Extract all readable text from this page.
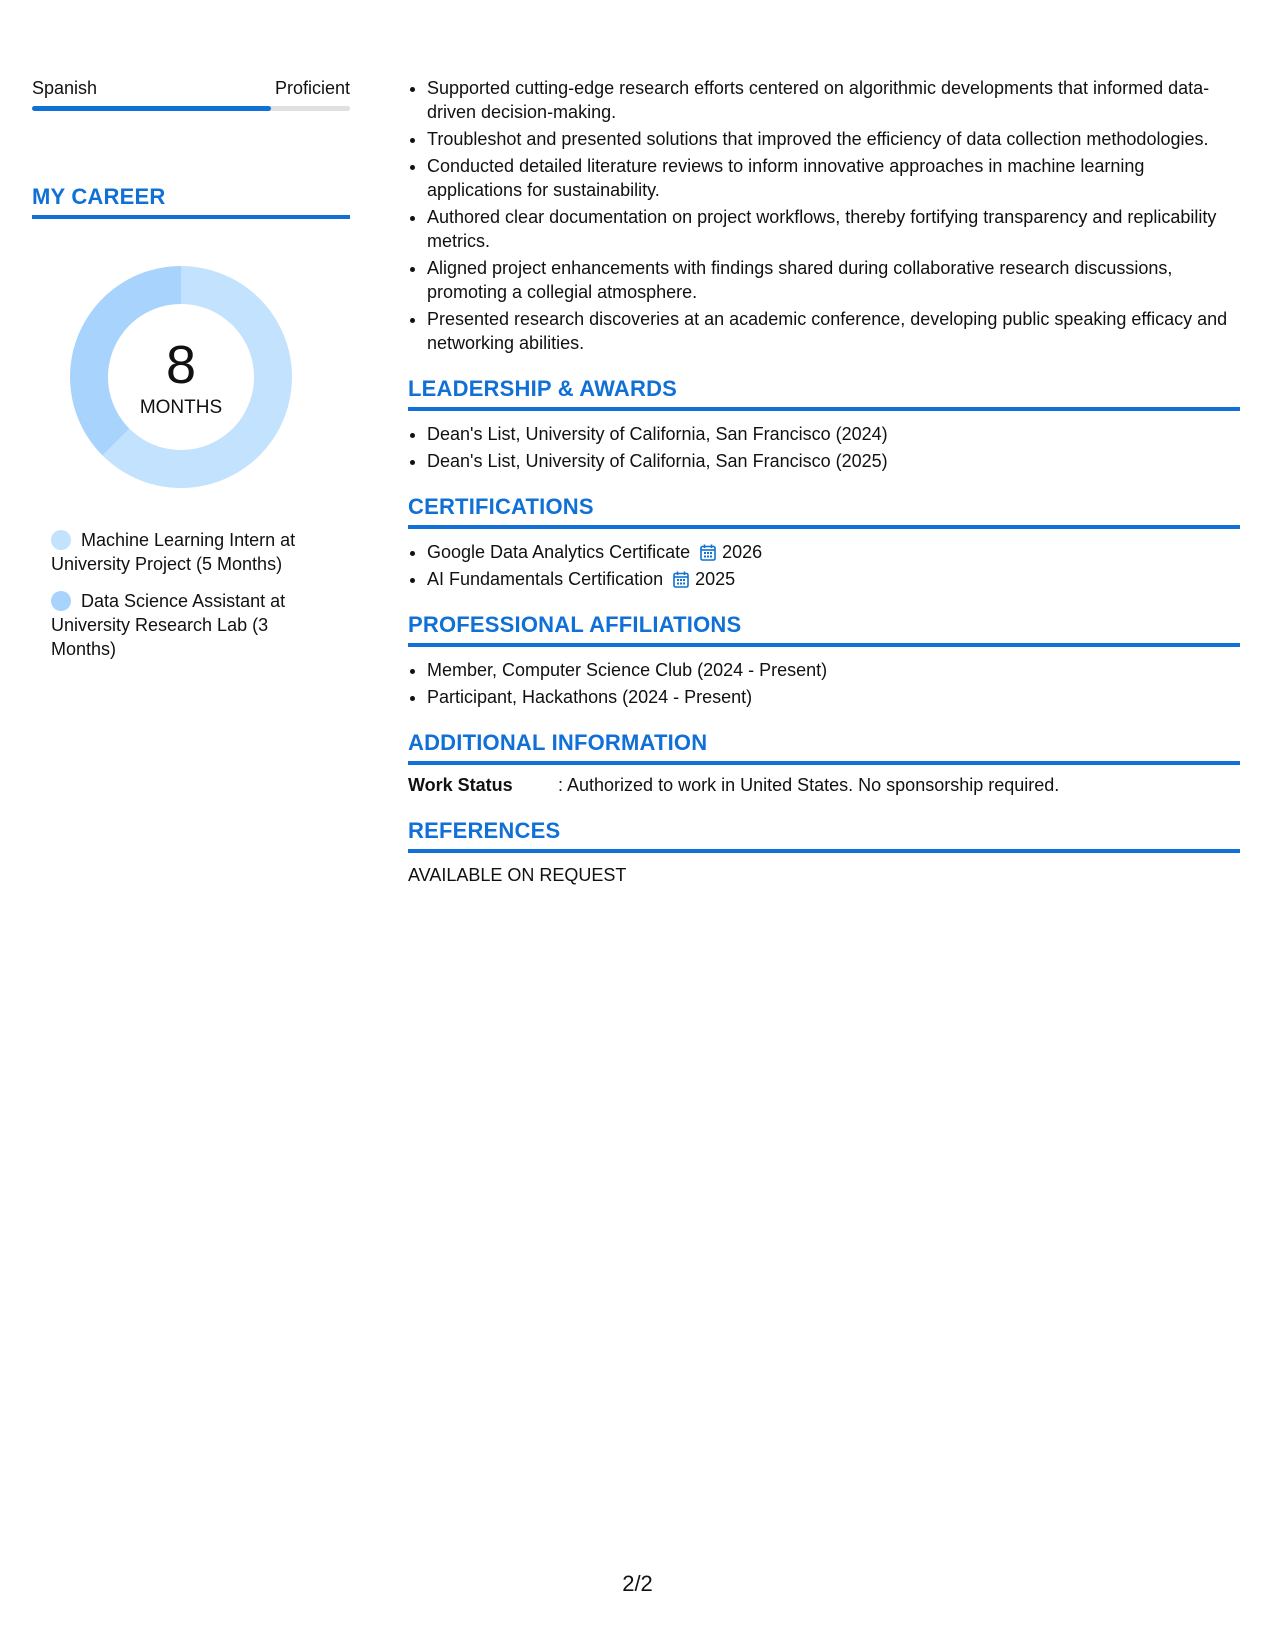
Spanish	Proficient
MY CAREER
8
MONTHS
Machine Learning Intern at University Project (5 Months)
Data Science Assistant at University Research Lab (3 Months)
• Supported cutting-edge research efforts centered on algorithmic developments that informed data-driven decision-making.
• Troubleshot and presented solutions that improved the efficiency of data collection methodologies.
• Conducted detailed literature reviews to inform innovative approaches in machine learning applications for sustainability.
• Authored clear documentation on project workflows, thereby fortifying transparency and replicability metrics.
• Aligned project enhancements with findings shared during collaborative research discussions, promoting a collegial atmosphere.
• Presented research discoveries at an academic conference, developing public speaking efficacy and networking abilities.
LEADERSHIP & AWARDS
• Dean's List, University of California, San Francisco (2024)
• Dean's List, University of California, San Francisco (2025)
CERTIFICATIONS
• Google Data Analytics Certificate 2026
• AI Fundamentals Certification 2025
PROFESSIONAL AFFILIATIONS
• Member, Computer Science Club (2024 - Present)
• Participant, Hackathons (2024 - Present)
ADDITIONAL INFORMATION
Work Status	: Authorized to work in United States. No sponsorship required.
REFERENCES
AVAILABLE ON REQUEST
2/2
